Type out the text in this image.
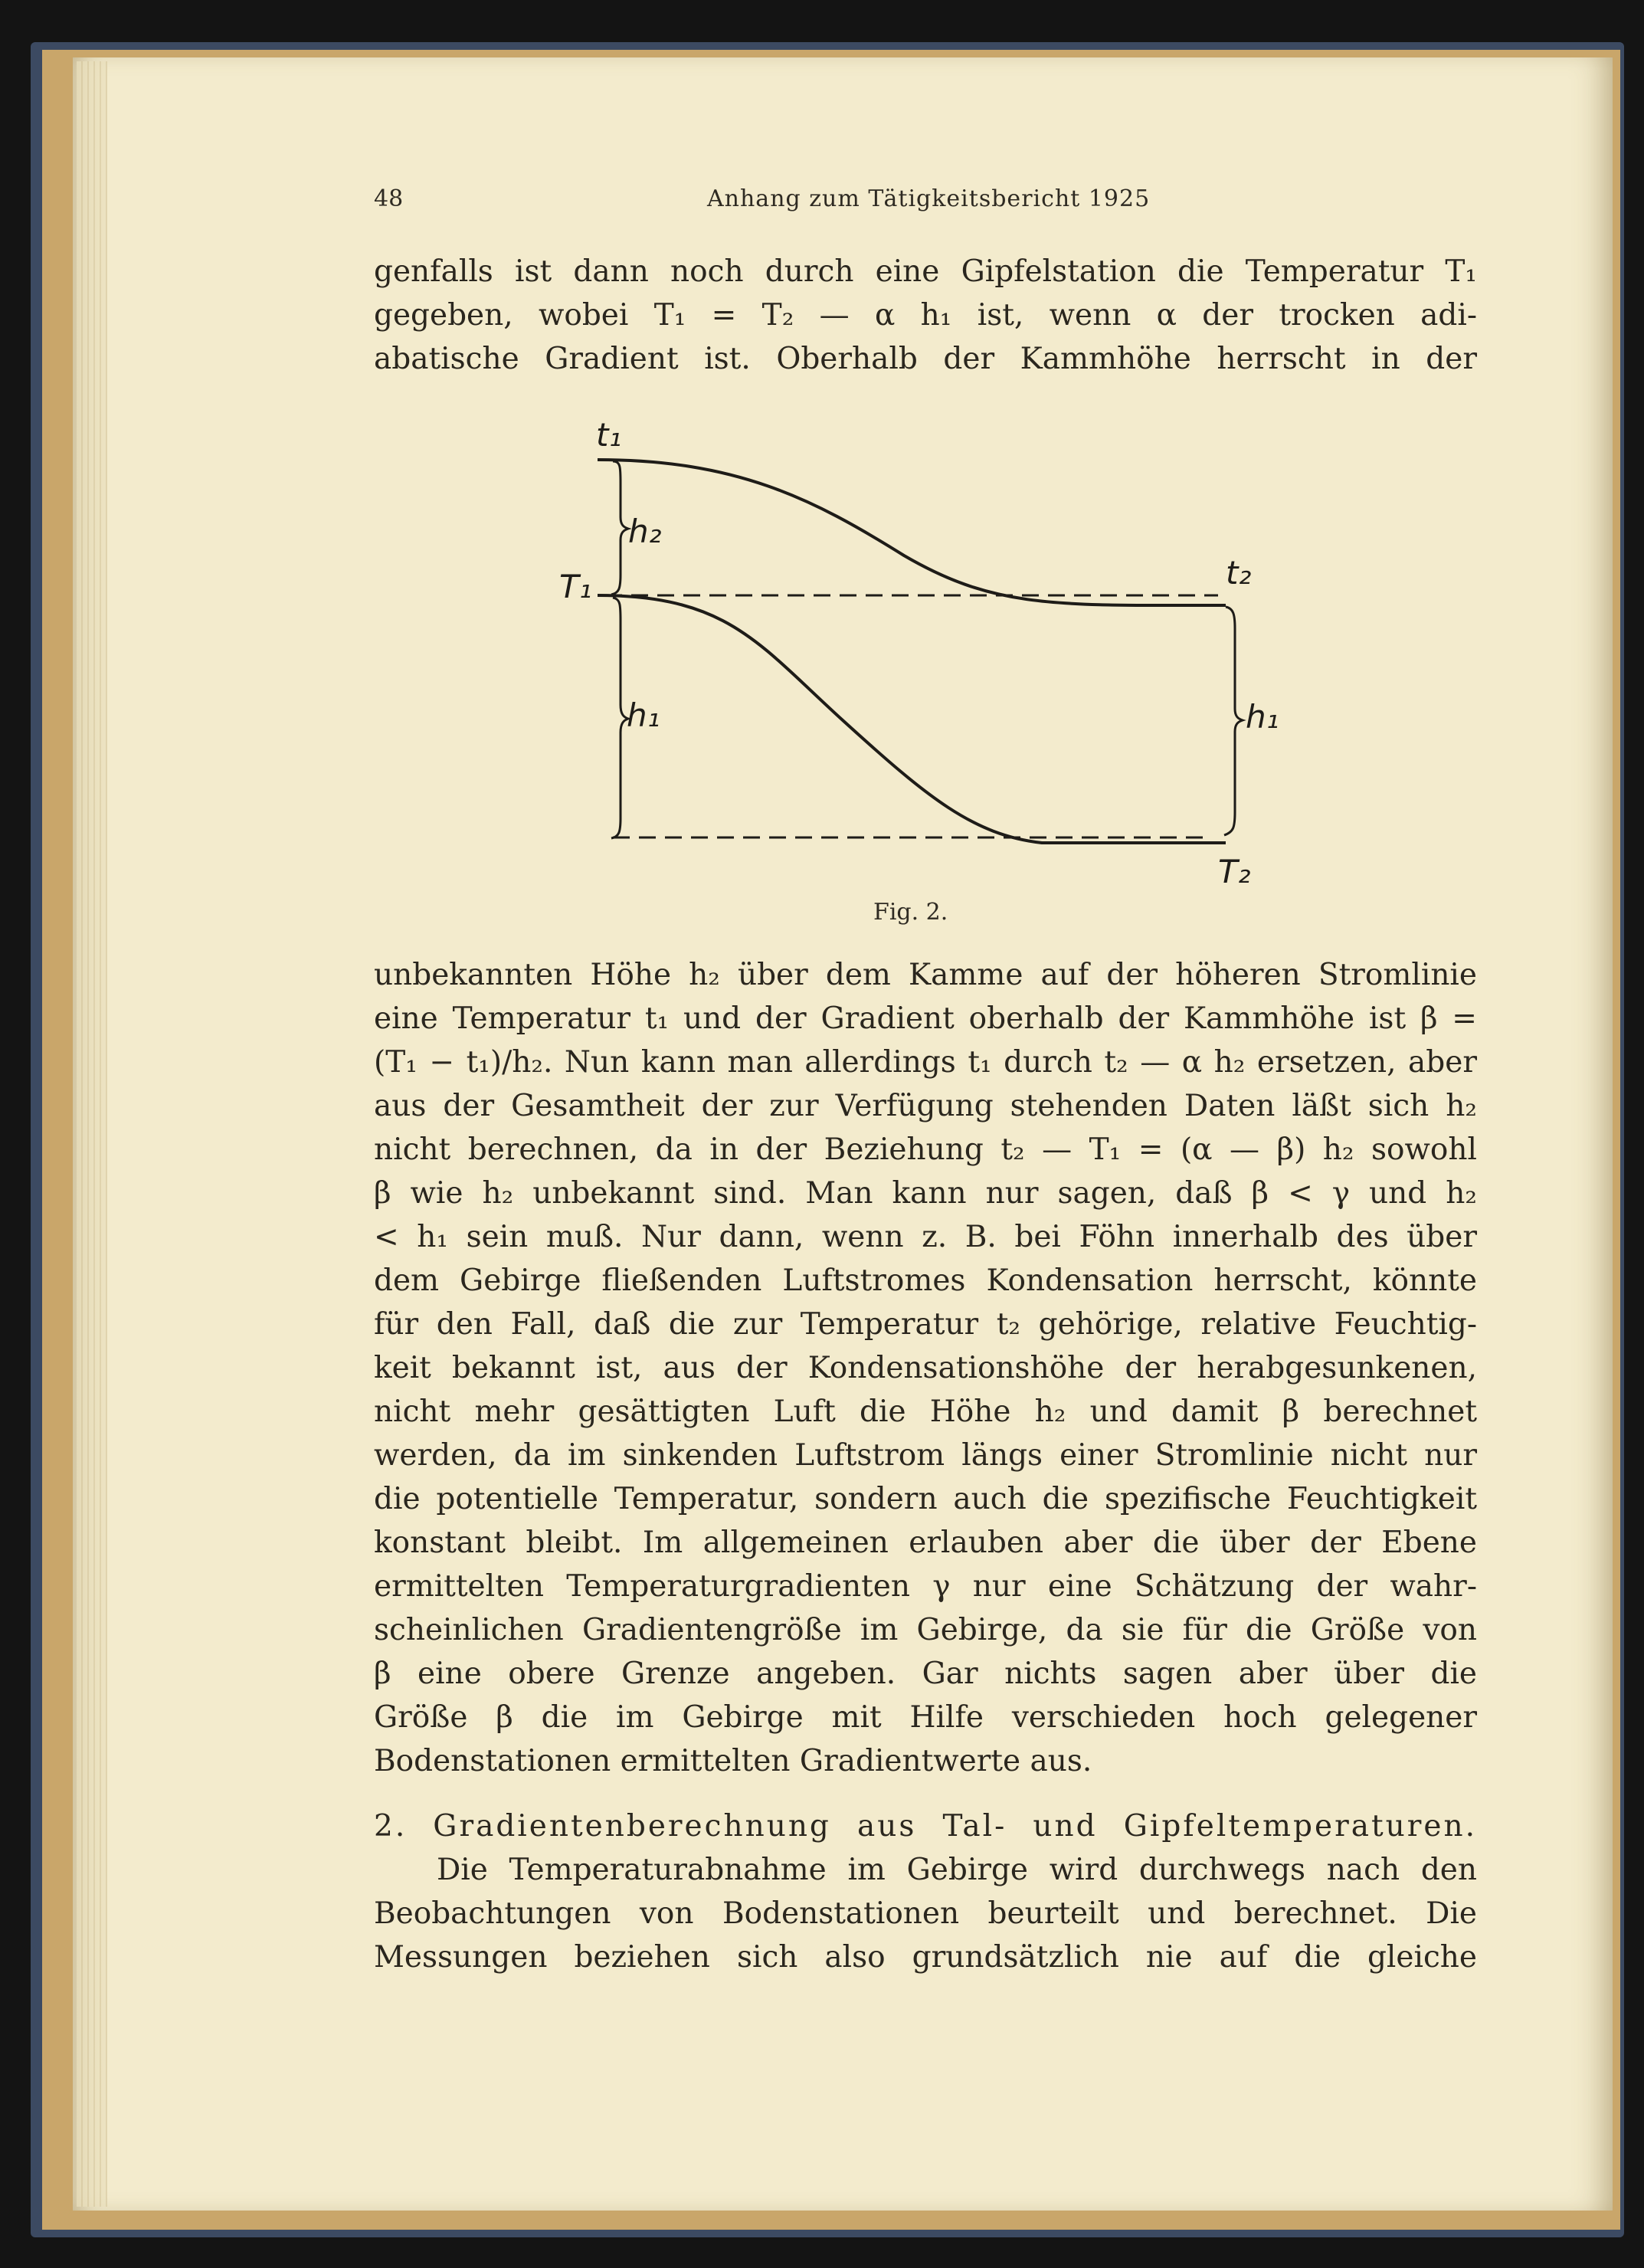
48	Anhang zum Tätigkeitsbericht 1925
genfalls ist dann noch durch eine Gipfelstation die Temperatur T₁
gegeben, wobei T₁ = T₂ — α h₁ ist, wenn α der trocken adi-
abatische Gradient ist. Oberhalb der Kammhöhe herrscht in der
t₁
h₂
T₁	t₂
h₁	h₁
T₂
Fig. 2.
unbekannten Höhe h₂ über dem Kamme auf der höheren Stromlinie
eine Temperatur t₁ und der Gradient oberhalb der Kammhöhe ist β =
(T₁ − t₁)/h₂. Nun kann man allerdings t₁ durch t₂ — α h₂ ersetzen, aber
aus der Gesamtheit der zur Verfügung stehenden Daten läßt sich h₂
nicht berechnen, da in der Beziehung t₂ — T₁ = (α — β) h₂ sowohl
β wie h₂ unbekannt sind. Man kann nur sagen, daß β < γ und h₂
< h₁ sein muß. Nur dann, wenn z. B. bei Föhn innerhalb des über
dem Gebirge fließenden Luftstromes Kondensation herrscht, könnte
für den Fall, daß die zur Temperatur t₂ gehörige, relative Feuchtig-
keit bekannt ist, aus der Kondensationshöhe der herabgesunkenen,
nicht mehr gesättigten Luft die Höhe h₂ und damit β berechnet
werden, da im sinkenden Luftstrom längs einer Stromlinie nicht nur
die potentielle Temperatur, sondern auch die spezifische Feuchtigkeit
konstant bleibt. Im allgemeinen erlauben aber die über der Ebene
ermittelten Temperaturgradienten γ nur eine Schätzung der wahr-
scheinlichen Gradientengröße im Gebirge, da sie für die Größe von
β eine obere Grenze angeben. Gar nichts sagen aber über die
Größe β die im Gebirge mit Hilfe verschieden hoch gelegener
Bodenstationen ermittelten Gradientwerte aus.
2. Gradientenberechnung aus Tal- und Gipfeltemperaturen.
Die Temperaturabnahme im Gebirge wird durchwegs nach den
Beobachtungen von Bodenstationen beurteilt und berechnet. Die
Messungen beziehen sich also grundsätzlich nie auf die gleiche
